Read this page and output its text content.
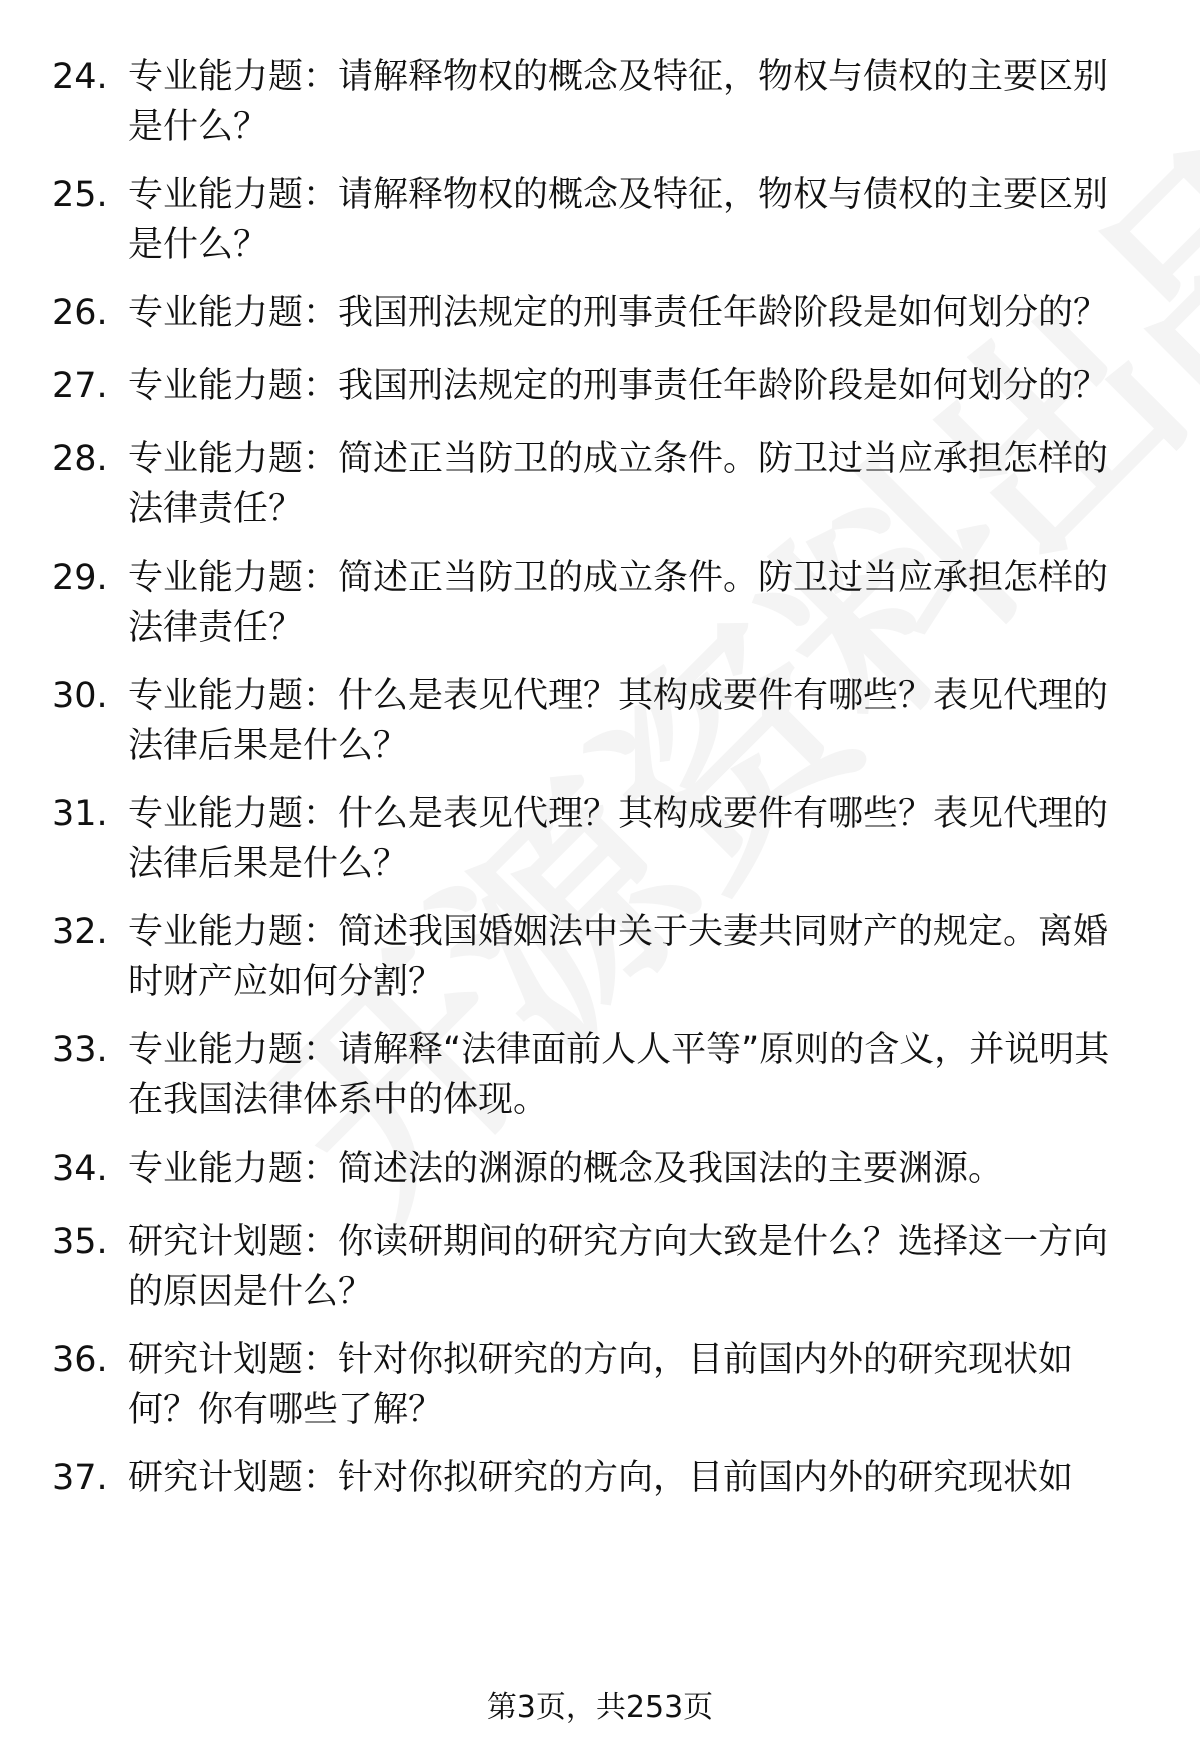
24. 专业能力题：请解释物权的概念及特征，物权与债权的主要区别是什么？
25. 专业能力题：请解释物权的概念及特征，物权与债权的主要区别是什么？
26. 专业能力题：我国刑法规定的刑事责任年龄阶段是如何划分的？
27. 专业能力题：我国刑法规定的刑事责任年龄阶段是如何划分的？
28. 专业能力题：简述正当防卫的成立条件。防卫过当应承担怎样的法律责任？
29. 专业能力题：简述正当防卫的成立条件。防卫过当应承担怎样的法律责任？
30. 专业能力题：什么是表见代理？其构成要件有哪些？表见代理的法律后果是什么？
31. 专业能力题：什么是表见代理？其构成要件有哪些？表见代理的法律后果是什么？
32. 专业能力题：简述我国婚姻法中关于夫妻共同财产的规定。离婚时财产应如何分割？
33. 专业能力题：请解释“法律面前人人平等”原则的含义，并说明其在我国法律体系中的体现。
34. 专业能力题：简述法的渊源的概念及我国法的主要渊源。
35. 研究计划题：你读研期间的研究方向大致是什么？选择这一方向的原因是什么？
36. 研究计划题：针对你拟研究的方向，目前国内外的研究现状如何？你有哪些了解？
37. 研究计划题：针对你拟研究的方向，目前国内外的研究现状如
第3页，共253页
